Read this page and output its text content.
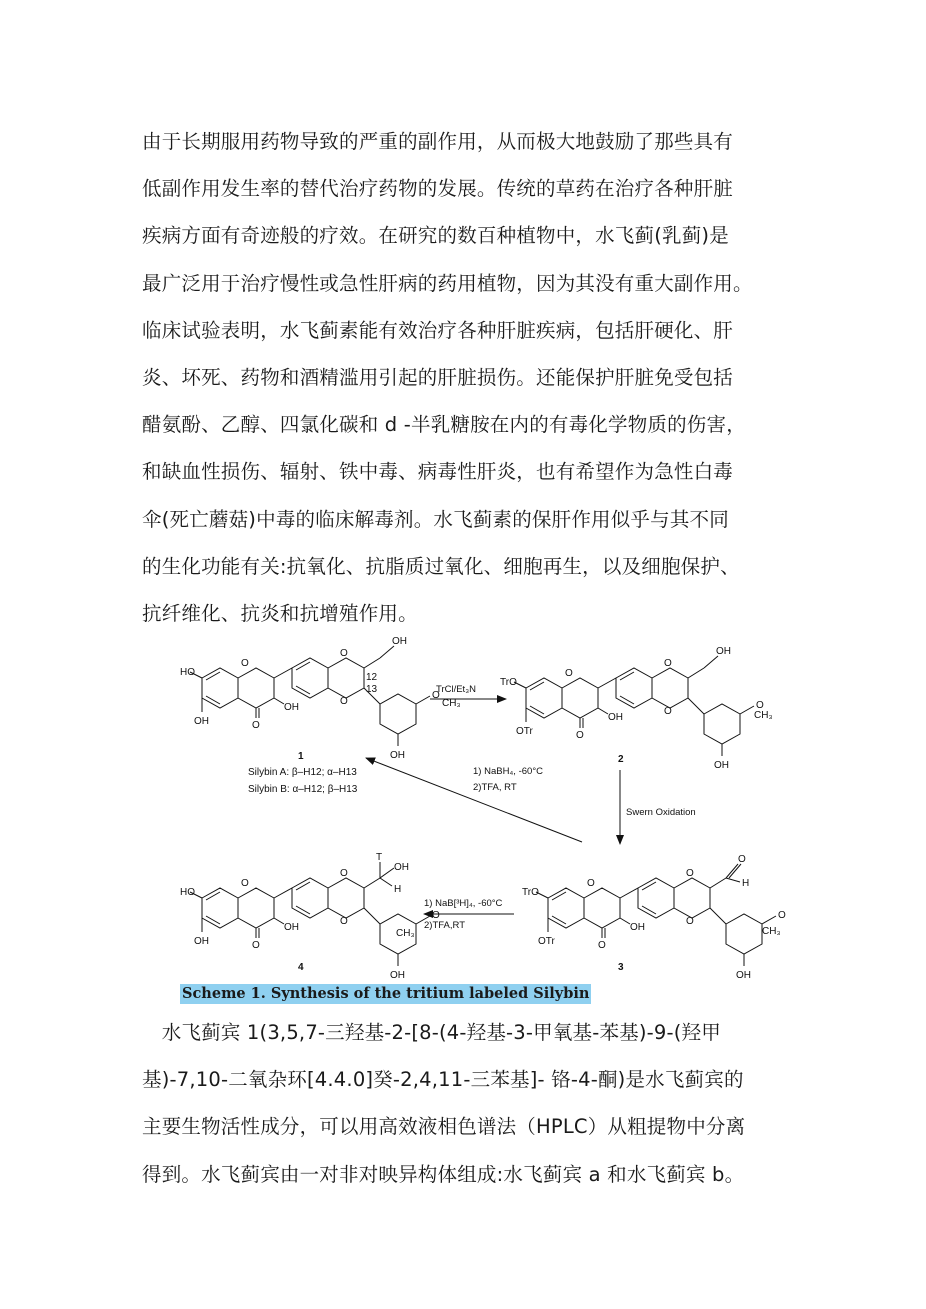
由于长期服用药物导致的严重的副作用，从而极大地鼓励了那些具有
低副作用发生率的替代治疗药物的发展。传统的草药在治疗各种肝脏
疾病方面有奇迹般的疗效。在研究的数百种植物中，水飞蓟(乳蓟)是
最广泛用于治疗慢性或急性肝病的药用植物，因为其没有重大副作用。
临床试验表明，水飞蓟素能有效治疗各种肝脏疾病，包括肝硬化、肝
炎、坏死、药物和酒精滥用引起的肝脏损伤。还能保护肝脏免受包括
醋氨酚、乙醇、四氯化碳和 d -半乳糖胺在内的有毒化学物质的伤害，
和缺血性损伤、辐射、铁中毒、病毒性肝炎，也有希望作为急性白毒
伞(死亡蘑菇)中毒的临床解毒剂。水飞蓟素的保肝作用似乎与其不同
的生化功能有关:抗氧化、抗脂质过氧化、细胞再生，以及细胞保护、
抗纤维化、抗炎和抗增殖作用。
HO
OH	O
OH
O
O
O
12
13
OH
O
CH₃
OH
1
Silybin A: β–H12; α–H13
Silybin B: α–H12; β–H13
TrCl/Et₃N
TrO
OTr	O
OH
O
O
O
OH
O
CH₃
OH
2
Swern Oxidation
1) NaBH₄, -60°C
2)TFA, RT
TrO
OTr	O
OH
O
O
O
O
H
O
CH₃
OH
3
1) NaB[³H]₄, -60°C
2)TFA,RT
HO
OH	O
OH
O
O
O
T
OH
H
O
CH₃
OH
4
Scheme 1. Synthesis of the tritium labeled Silybin
　水飞蓟宾 1(3,5,7-三羟基-2-[8-(4-羟基-3-甲氧基-苯基)-9-(羟甲
基)-7,10-二氧杂环[4.4.0]癸-2,4,11-三苯基]- 铬-4-酮)是水飞蓟宾的
主要生物活性成分，可以用高效液相色谱法（HPLC）从粗提物中分离
得到。水飞蓟宾由一对非对映异构体组成:水飞蓟宾 a 和水飞蓟宾 b。
